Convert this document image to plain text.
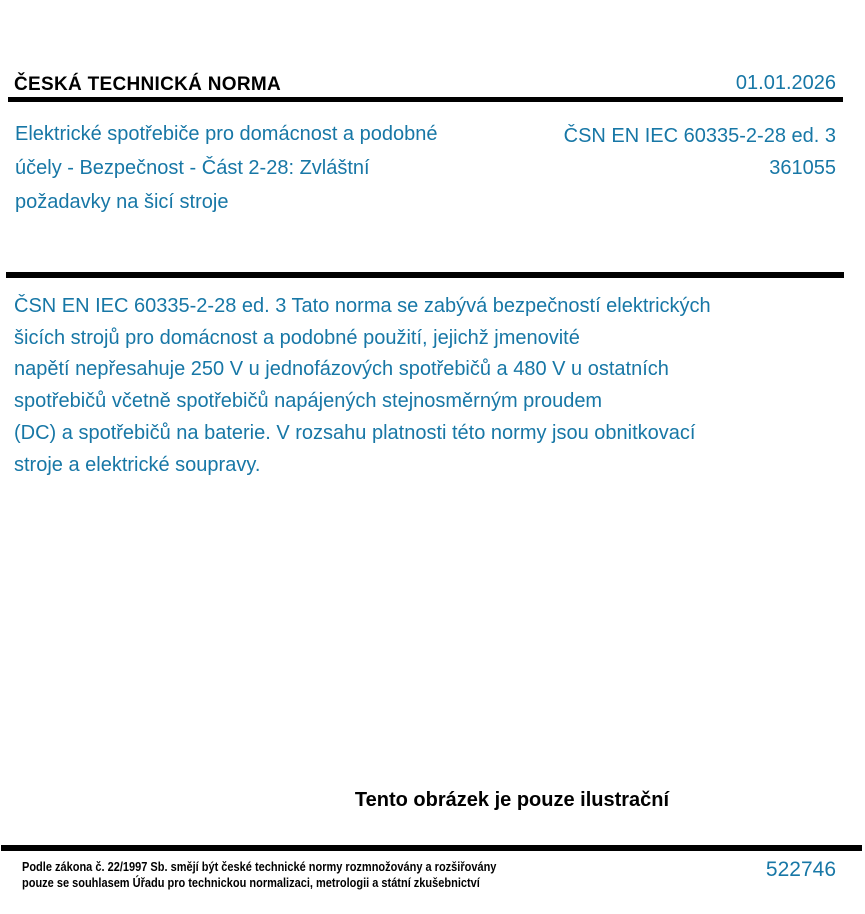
ČESKÁ TECHNICKÁ NORMA	01.01.2026
Elektrické spotřebiče pro domácnost a podobné
účely - Bezpečnost - Část 2-28: Zvláštní
požadavky na šicí stroje
ČSN EN IEC 60335-2-28 ed. 3
361055
ČSN EN IEC 60335-2-28 ed. 3 Tato norma se zabývá bezpečností elektrických
šicích strojů pro domácnost a podobné použití, jejichž jmenovité
napětí nepřesahuje 250 V u jednofázových spotřebičů a 480 V u ostatních
spotřebičů včetně spotřebičů napájených stejnosměrným proudem
(DC) a spotřebičů na baterie. V rozsahu platnosti této normy jsou obnitkovací
stroje a elektrické soupravy.
Tento obrázek je pouze ilustrační
Podle zákona č. 22/1997 Sb. smějí být české technické normy rozmnožovány a rozšiřovány
pouze se souhlasem Úřadu pro technickou normalizaci, metrologii a státní zkušebnictví
522746
